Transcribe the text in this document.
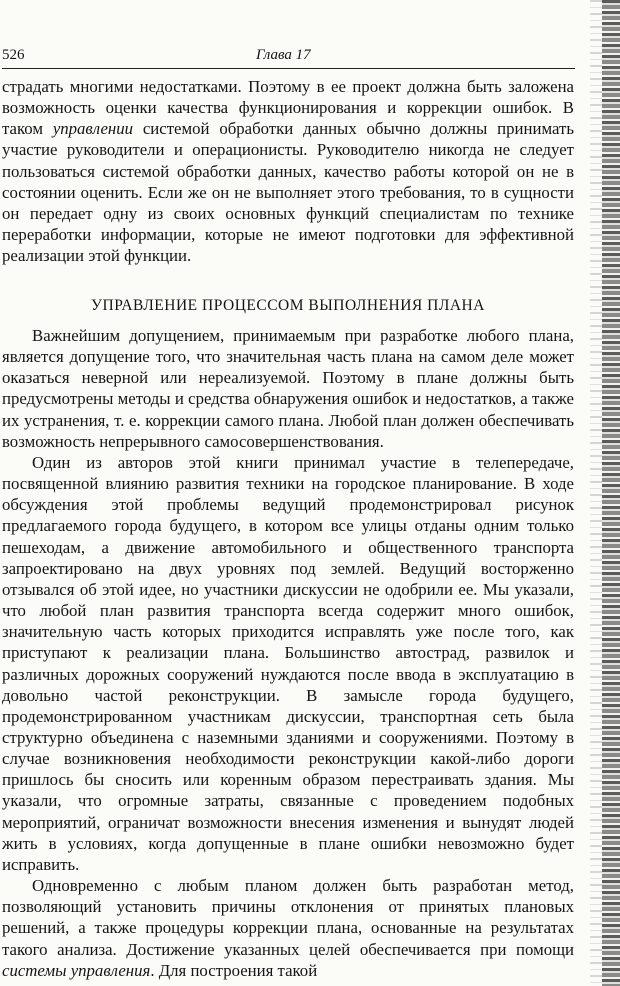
526	Глава 17

страдать многими недостатками. Поэтому в ее проект должна быть заложена возможность оценки качества функционирования и коррекции ошибок. В таком управлении системой обработки данных обычно должны принимать участие руководители и операционисты. Руководителю никогда не следует пользоваться системой обработки данных, качество работы которой он не в состоянии оценить. Если же он не выполняет этого требования, то в сущности он передает одну из своих основных функций специалистам по технике переработки информации, которые не имеют подготовки для эффективной реализации этой функции.

УПРАВЛЕНИЕ ПРОЦЕССОМ ВЫПОЛНЕНИЯ ПЛАНА

Важнейшим допущением, принимаемым при разработке любого плана, является допущение того, что значительная часть плана на самом деле может оказаться неверной или нереализуемой. Поэтому в плане должны быть предусмотрены методы и средства обнаружения ошибок и недостатков, а также их устранения, т. е. коррекции самого плана. Любой план должен обеспечивать возможность непрерывного самосовершенствования.

Один из авторов этой книги принимал участие в телепередаче, посвященной влиянию развития техники на городское планирование. В ходе обсуждения этой проблемы ведущий продемонстрировал рисунок предлагаемого города будущего, в котором все улицы отданы одним только пешеходам, а движение автомобильного и общественного транспорта запроектировано на двух уровнях под землей. Ведущий восторженно отзывался об этой идее, но участники дискуссии не одобрили ее. Мы указали, что любой план развития транспорта всегда содержит много ошибок, значительную часть которых приходится исправлять уже после того, как приступают к реализации плана. Большинство автострад, развилок и различных дорожных сооружений нуждаются после ввода в эксплуатацию в довольно частой реконструкции. В замысле города будущего, продемонстрированном участникам дискуссии, транспортная сеть была структурно объединена с наземными зданиями и сооружениями. Поэтому в случае возникновения необходимости реконструкции какой-либо дороги пришлось бы сносить или коренным образом перестраивать здания. Мы указали, что огромные затраты, связанные с проведением подобных мероприятий, ограничат возможности внесения изменения и вынудят людей жить в условиях, когда допущенные в плане ошибки невозможно будет исправить.

Одновременно с любым планом должен быть разработан метод, позволяющий установить причины отклонения от принятых плановых решений, а также процедуры коррекции плана, основанные на результатах такого анализа. Достижение указанных целей обеспечивается при помощи системы управления. Для построения такой
